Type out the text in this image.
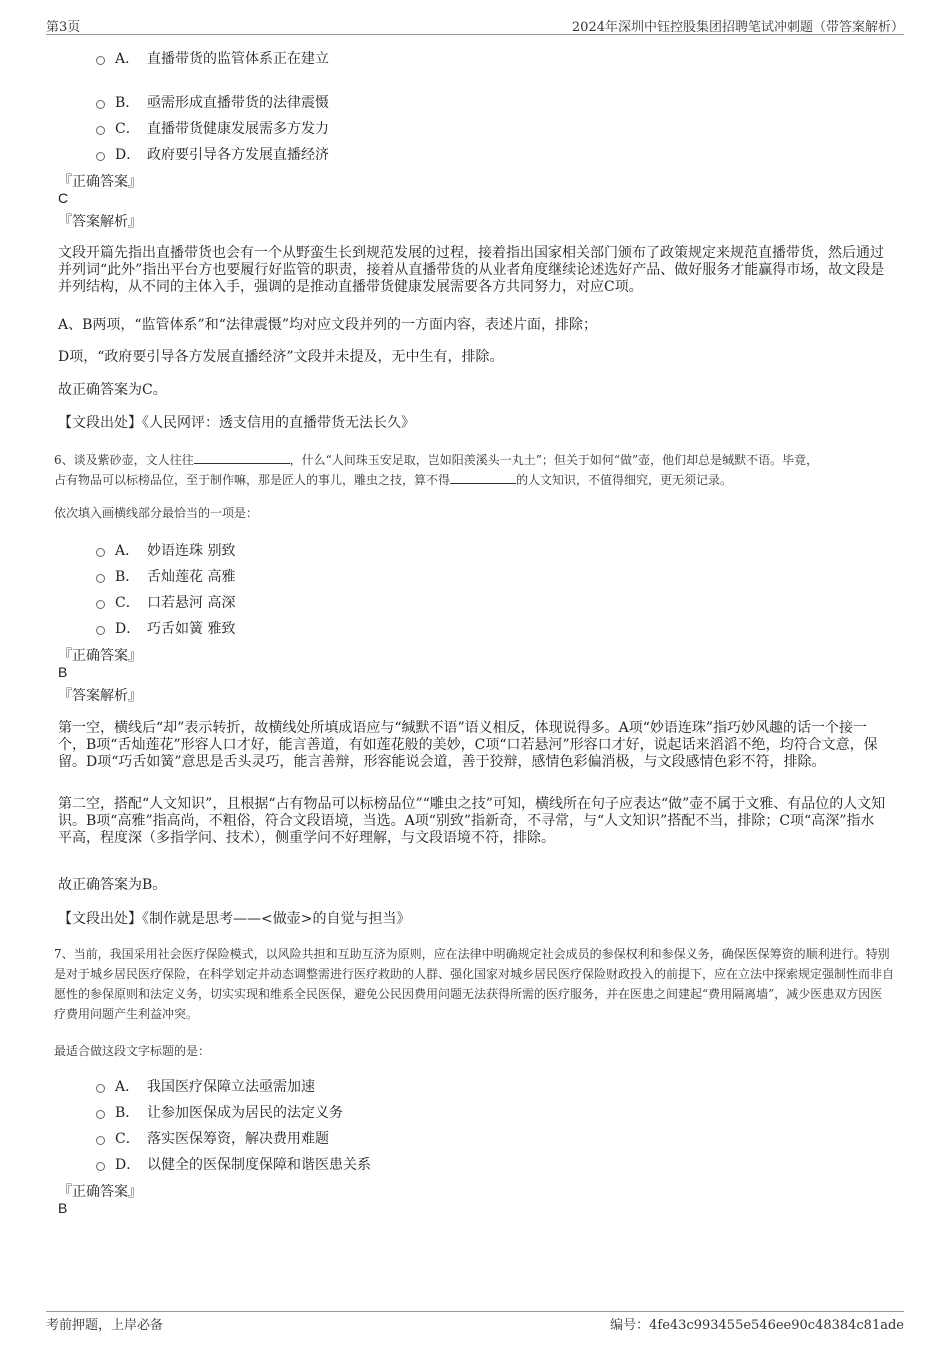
第3页	2024年深圳中钰控股集团招聘笔试冲刺题（带答案解析）
A． 直播带货的监管体系正在建立
B． 亟需形成直播带货的法律震慑
C． 直播带货健康发展需多方发力
D． 政府要引导各方发展直播经济
『正确答案』
C
『答案解析』
文段开篇先指出直播带货也会有一个从野蛮生长到规范发展的过程，接着指出国家相关部门颁布了政策规定来规范直播带货，然后通过并列词“此外”指出平台方也要履行好监管的职责，接着从直播带货的从业者角度继续论述选好产品、做好服务才能赢得市场，故文段是并列结构，从不同的主体入手，强调的是推动直播带货健康发展需要各方共同努力，对应C项。
A、B两项，“监管体系”和“法律震慑”均对应文段并列的一方面内容，表述片面，排除；
D项，“政府要引导各方发展直播经济”文段并未提及，无中生有，排除。
故正确答案为C。
【文段出处】《人民网评：透支信用的直播带货无法长久》
6、谈及紫砂壶，文人往往	，什么“人间珠玉安足取，岂如阳羡溪头一丸土”；但关于如何“做”壶，他们却总是缄默不语。毕竟，
占有物品可以标榜品位，至于制作嘛，那是匠人的事儿，雕虫之技，算不得	的人文知识，不值得细究，更无须记录。
依次填入画横线部分最恰当的一项是：
A． 妙语连珠 别致
B． 舌灿莲花 高雅
C． 口若悬河 高深
D． 巧舌如簧 雅致
『正确答案』
B
『答案解析』
第一空，横线后“却”表示转折，故横线处所填成语应与“缄默不语”语义相反，体现说得多。A项“妙语连珠”指巧妙风趣的话一个接一个，B项“舌灿莲花”形容人口才好，能言善道，有如莲花般的美妙，C项“口若悬河”形容口才好，说起话来滔滔不绝，均符合文意，保留。D项“巧舌如簧”意思是舌头灵巧，能言善辩，形容能说会道，善于狡辩，感情色彩偏消极，与文段感情色彩不符，排除。
第二空，搭配“人文知识”，且根据“占有物品可以标榜品位”“雕虫之技”可知，横线所在句子应表达“做”壶不属于文雅、有品位的人文知识。B项“高雅”指高尚，不粗俗，符合文段语境，当选。A项“别致”指新奇，不寻常，与“人文知识”搭配不当，排除；C项“高深”指水平高，程度深（多指学问、技术），侧重学问不好理解，与文段语境不符，排除。
故正确答案为B。
【文段出处】《制作就是思考——<做壶>的自觉与担当》
7、当前，我国采用社会医疗保险模式，以风险共担和互助互济为原则，应在法律中明确规定社会成员的参保权利和参保义务，确保医保筹资的顺利进行。特别是对于城乡居民医疗保险，在科学划定并动态调整需进行医疗救助的人群、强化国家对城乡居民医疗保险财政投入的前提下，应在立法中探索规定强制性而非自愿性的参保原则和法定义务，切实实现和维系全民医保，避免公民因费用问题无法获得所需的医疗服务，并在医患之间建起“费用隔离墙”，减少医患双方因医疗费用问题产生利益冲突。
最适合做这段文字标题的是：
A． 我国医疗保障立法亟需加速
B． 让参加医保成为居民的法定义务
C． 落实医保筹资，解决费用难题
D． 以健全的医保制度保障和谐医患关系
『正确答案』
B
考前押题，上岸必备	编号：4fe43c993455e546ee90c48384c81ade
